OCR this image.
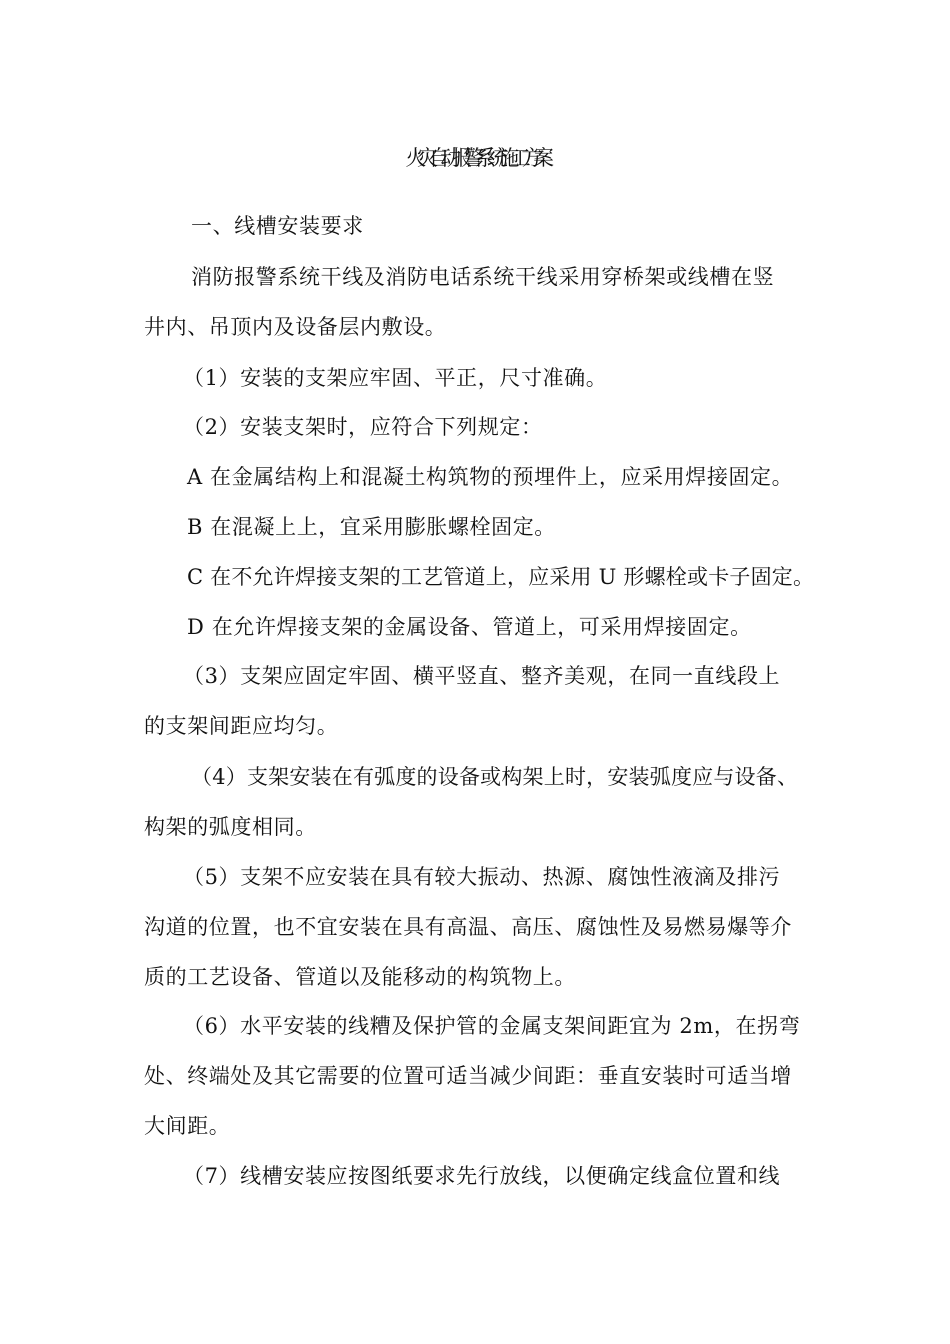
火灾自动报警系统施工方案
一、线槽安装要求
消防报警系统干线及消防电话系统干线采用穿桥架或线槽在竖
井内、吊顶内及设备层内敷设。
（1）安装的支架应牢固、平正，尺寸准确。
（2）安装支架时，应符合下列规定：
A 在金属结构上和混凝土构筑物的预埋件上，应采用焊接固定。
B 在混凝上上，宜采用膨胀螺栓固定。
C 在不允许焊接支架的工艺管道上，应采用 U 形螺栓或卡子固定。
D 在允许焊接支架的金属设备、管道上，可采用焊接固定。
（3）支架应固定牢固、横平竖直、整齐美观，在同一直线段上
的支架间距应均匀。
（4）支架安装在有弧度的设备或构架上时，安装弧度应与设备、
构架的弧度相同。
（5）支架不应安装在具有较大振动、热源、腐蚀性液滴及排污
沟道的位置，也不宜安装在具有高温、高压、腐蚀性及易燃易爆等介
质的工艺设备、管道以及能移动的构筑物上。
（6）水平安装的线糟及保护管的金属支架间距宜为 2m，在拐弯
处、终端处及其它需要的位置可适当减少间距：垂直安装时可适当增
大间距。
（7）线槽安装应按图纸要求先行放线，以便确定线盒位置和线
